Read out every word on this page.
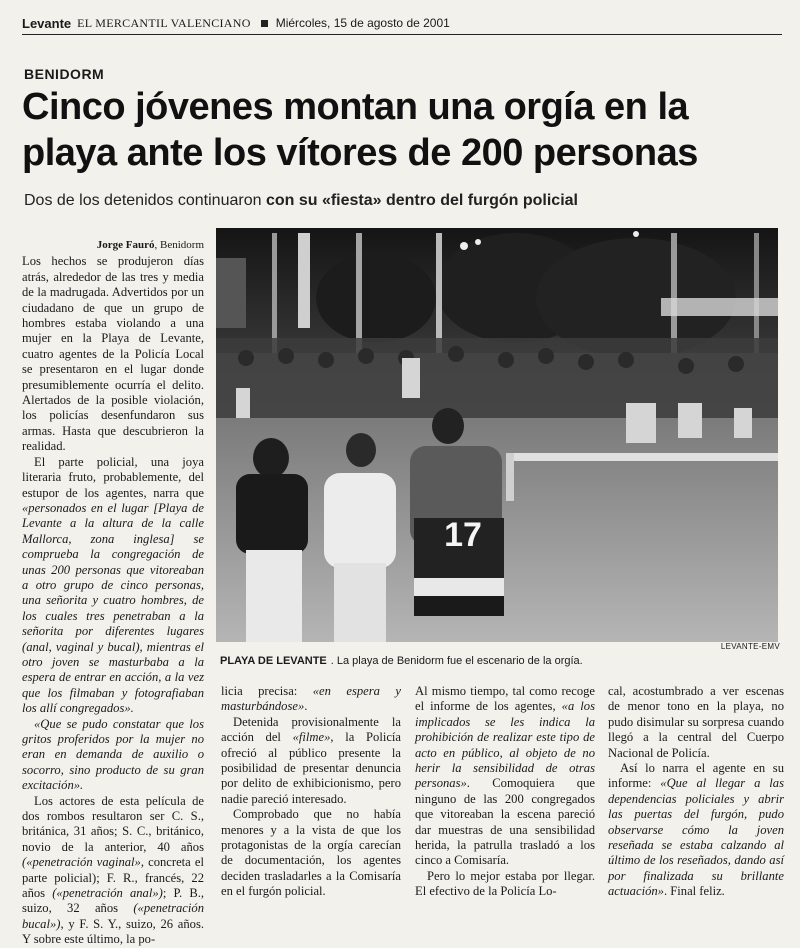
Levante EL MERCANTIL VALENCIANO Miércoles, 15 de agosto de 2001
BENIDORM
Cinco jóvenes montan una orgía en la playa ante los vítores de 200 personas
Dos de los detenidos continuaron con su «fiesta» dentro del furgón policial
17
LEVANTE-EMV
PLAYA DE LEVANTE . La playa de Benidorm fue el escenario de la orgía.
Jorge Fauró, Benidorm

Los hechos se produjeron días atrás, alrededor de las tres y media de la madrugada. Advertidos por un ciudadano de que un grupo de hombres estaba violando a una mujer en la Playa de Levante, cuatro agentes de la Policía Local se presentaron en el lugar donde presumiblemente ocurría el delito. Alertados de la posible violación, los policías desenfundaron sus armas. Hasta que descubrieron la realidad.

El parte policial, una joya literaria fruto, probablemente, del estupor de los agentes, narra que «personados en el lugar [Playa de Levante a la altura de la calle Mallorca, zona inglesa] se comprueba la congregación de unas 200 personas que vitoreaban a otro grupo de cinco personas, una señorita y cuatro hombres, de los cuales tres penetraban a la señorita por diferentes lugares (anal, vaginal y bucal), mientras el otro joven se masturbaba a la espera de entrar en acción, a la vez que los filmaban y fotografiaban los allí congregados».

«Que se pudo constatar que los gritos proferidos por la mujer no eran en demanda de auxilio o socorro, sino producto de su gran excitación».

Los actores de esta película de dos rombos resultaron ser C. S., británica, 31 años; S. C., británico, novio de la anterior, 40 años («penetración vaginal», concreta el parte policial); F. R., francés, 22 años («penetración anal»); P. B., suizo, 32 años («penetración bucal»), y F. S. Y., suizo, 26 años. Y sobre este último, la po-

licia precisa: «en espera y masturbándose».

Detenida provisionalmente la acción del «filme», la Policía ofreció al público presente la posibilidad de presentar denuncia por delito de exhibicionismo, pero nadie pareció interesado.

Comprobado que no había menores y a la vista de que los protagonistas de la orgía carecían de documentación, los agentes deciden trasladarles a la Comisaría en el furgón policial.

Al mismo tiempo, tal como recoge el informe de los agentes, «a los implicados se les indica la prohibición de realizar este tipo de acto en público, al objeto de no herir la sensibilidad de otras personas». Comoquiera que ninguno de las 200 congregados que vitoreaban la escena pareció dar muestras de una sensibilidad herida, la patrulla trasladó a los cinco a Comisaría.

Pero lo mejor estaba por llegar. El efectivo de la Policía Lo-

cal, acostumbrado a ver escenas de menor tono en la playa, no pudo disimular su sorpresa cuando llegó a la central del Cuerpo Nacional de Policía.

Así lo narra el agente en su informe: «Que al llegar a las dependencias policiales y abrir las puertas del furgón, pudo observarse cómo la joven reseñada se estaba calzando al último de los reseñados, dando así por finalizada su brillante actuación». Final feliz.
